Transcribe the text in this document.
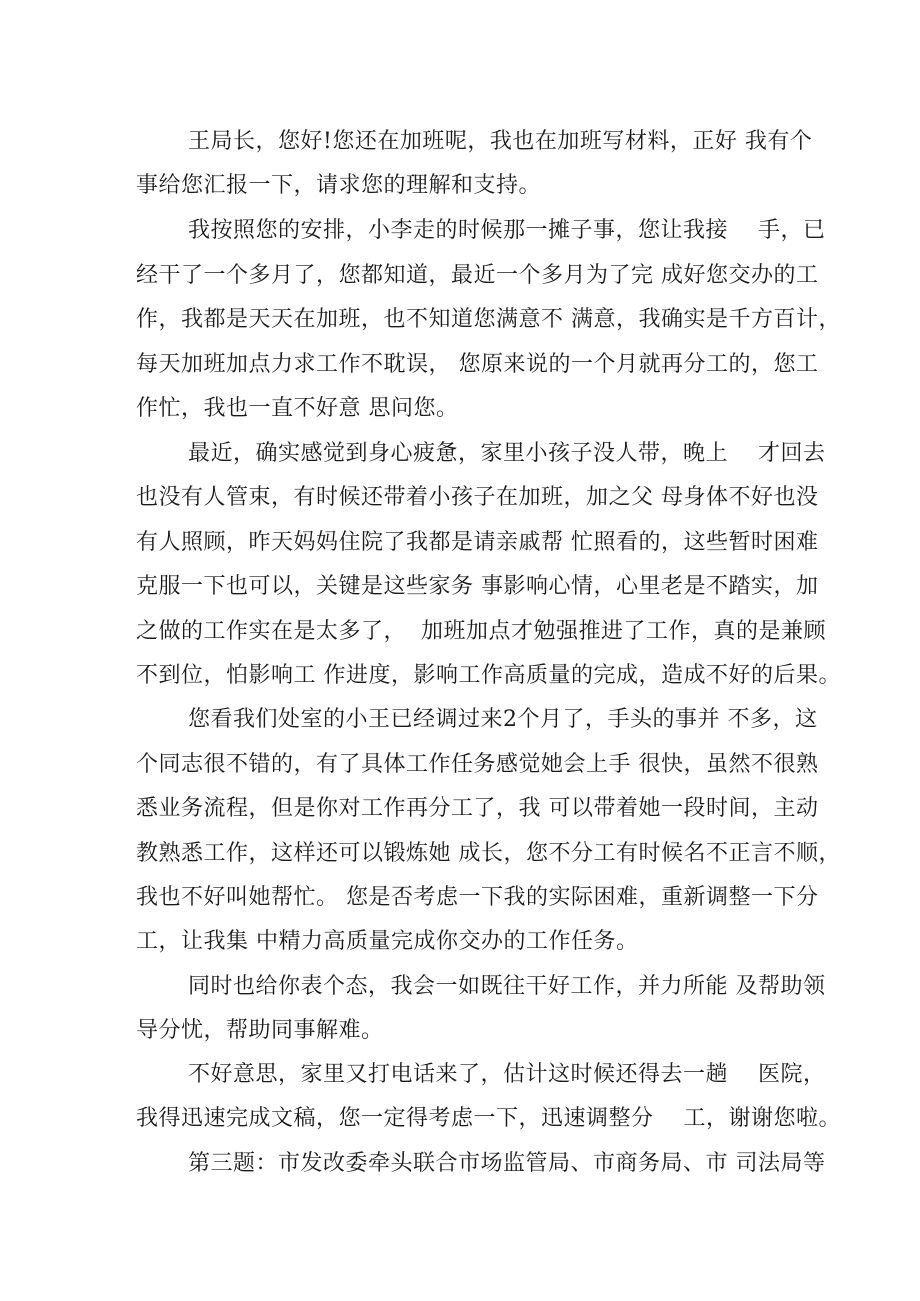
王局长，您好!您还在加班呢，我也在加班写材料，正好 我有个
事给您汇报一下，请求您的理解和支持。
我按照您的安排，小李走的时候那一摊子事，您让我接    手，已
经干了一个多月了，您都知道，最近一个多月为了完 成好您交办的工
作，我都是天天在加班，也不知道您满意不 满意，我确实是千方百计，
每天加班加点力求工作不耽误， 您原来说的一个月就再分工的，您工
作忙，我也一直不好意 思问您。
最近，确实感觉到身心疲惫，家里小孩子没人带，晚上    才回去
也没有人管束，有时候还带着小孩子在加班，加之父 母身体不好也没
有人照顾，昨天妈妈住院了我都是请亲戚帮 忙照看的，这些暂时困难
克服一下也可以，关键是这些家务 事影响心情，心里老是不踏实，加
之做的工作实在是太多了，  加班加点才勉强推进了工作，真的是兼顾
不到位，怕影响工 作进度，影响工作高质量的完成，造成不好的后果。
您看我们处室的小王已经调过来2个月了，手头的事并 不多，这
个同志很不错的，有了具体工作任务感觉她会上手 很快，虽然不很熟
悉业务流程，但是你对工作再分工了，我 可以带着她一段时间，主动
教熟悉工作，这样还可以锻炼她 成长，您不分工有时候名不正言不顺，
我也不好叫她帮忙。 您是否考虑一下我的实际困难，重新调整一下分
工，让我集 中精力高质量完成你交办的工作任务。
同时也给你表个态，我会一如既往干好工作，并力所能 及帮助领
导分忧，帮助同事解难。
不好意思，家里又打电话来了，估计这时候还得去一趟    医院，
我得迅速完成文稿，您一定得考虑一下，迅速调整分    工，谢谢您啦。
第三题：市发改委牵头联合市场监管局、市商务局、市 司法局等
